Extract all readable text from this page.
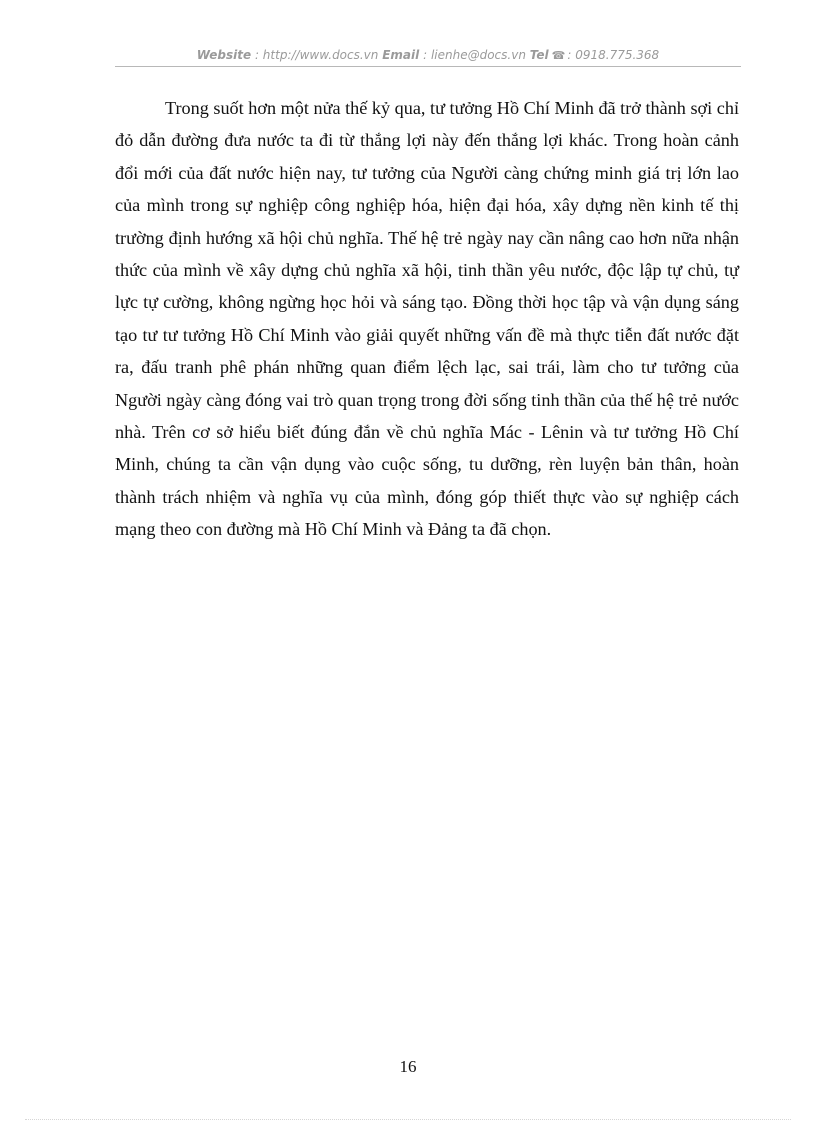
Website : http://www.docs.vn Email : lienhe@docs.vn Tel ☎ : 0918.775.368

Trong suốt hơn một nửa thế kỷ qua, tư tưởng Hồ Chí Minh đã trở thành sợi chỉ đỏ dẫn đường đưa nước ta đi từ thắng lợi này đến thắng lợi khác. Trong hoàn cảnh đổi mới của đất nước hiện nay, tư tưởng của Người càng chứng minh giá trị lớn lao của mình trong sự nghiệp công nghiệp hóa, hiện đại hóa, xây dựng nền kinh tế thị trường định hướng xã hội chủ nghĩa. Thế hệ trẻ ngày nay cần nâng cao hơn nữa nhận thức của mình về xây dựng chủ nghĩa xã hội, tinh thần yêu nước, độc lập tự chủ, tự lực tự cường, không ngừng học hỏi và sáng tạo. Đồng thời học tập và vận dụng sáng tạo tư tư tưởng Hồ Chí Minh vào giải quyết những vấn đề mà thực tiễn đất nước đặt ra, đấu tranh phê phán những quan điểm lệch lạc, sai trái, làm cho tư tưởng của Người ngày càng đóng vai trò quan trọng trong đời sống tinh thần của thế hệ trẻ nước nhà. Trên cơ sở hiểu biết đúng đắn về chủ nghĩa Mác - Lênin và tư tưởng Hồ Chí Minh, chúng ta cần vận dụng vào cuộc sống, tu dưỡng, rèn luyện bản thân, hoàn thành trách nhiệm và nghĩa vụ của mình, đóng góp thiết thực vào sự nghiệp cách mạng theo con đường mà Hồ Chí Minh và Đảng ta đã chọn.

16
